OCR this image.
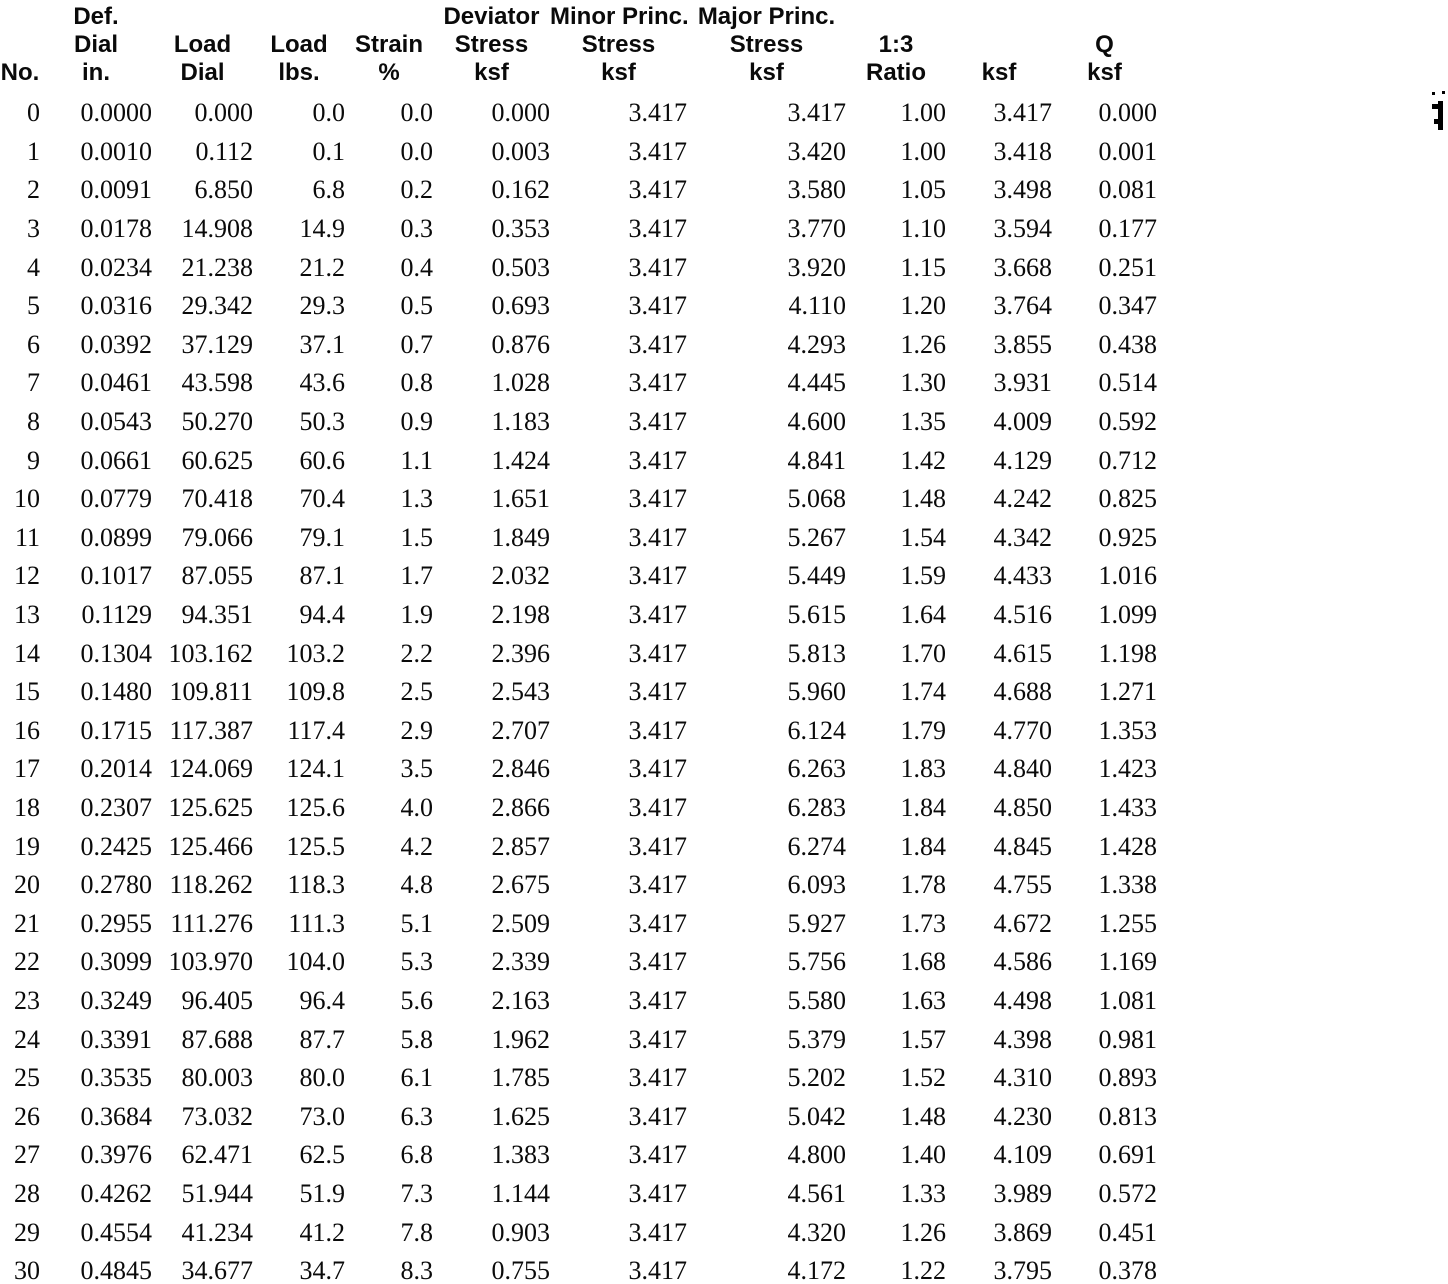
	Def.				Deviator	Minor Princ.	Major Princ.			
	Dial	Load	Load	Strain	Stress	Stress	Stress	1:3		Q
No.	in.	Dial	lbs.	%	ksf	ksf	ksf	Ratio	ksf	ksf
0	0.0000	0.000	0.0	0.0	0.000	3.417	3.417	1.00	3.417	0.000
1	0.0010	0.112	0.1	0.0	0.003	3.417	3.420	1.00	3.418	0.001
2	0.0091	6.850	6.8	0.2	0.162	3.417	3.580	1.05	3.498	0.081
3	0.0178	14.908	14.9	0.3	0.353	3.417	3.770	1.10	3.594	0.177
4	0.0234	21.238	21.2	0.4	0.503	3.417	3.920	1.15	3.668	0.251
5	0.0316	29.342	29.3	0.5	0.693	3.417	4.110	1.20	3.764	0.347
6	0.0392	37.129	37.1	0.7	0.876	3.417	4.293	1.26	3.855	0.438
7	0.0461	43.598	43.6	0.8	1.028	3.417	4.445	1.30	3.931	0.514
8	0.0543	50.270	50.3	0.9	1.183	3.417	4.600	1.35	4.009	0.592
9	0.0661	60.625	60.6	1.1	1.424	3.417	4.841	1.42	4.129	0.712
10	0.0779	70.418	70.4	1.3	1.651	3.417	5.068	1.48	4.242	0.825
11	0.0899	79.066	79.1	1.5	1.849	3.417	5.267	1.54	4.342	0.925
12	0.1017	87.055	87.1	1.7	2.032	3.417	5.449	1.59	4.433	1.016
13	0.1129	94.351	94.4	1.9	2.198	3.417	5.615	1.64	4.516	1.099
14	0.1304	103.162	103.2	2.2	2.396	3.417	5.813	1.70	4.615	1.198
15	0.1480	109.811	109.8	2.5	2.543	3.417	5.960	1.74	4.688	1.271
16	0.1715	117.387	117.4	2.9	2.707	3.417	6.124	1.79	4.770	1.353
17	0.2014	124.069	124.1	3.5	2.846	3.417	6.263	1.83	4.840	1.423
18	0.2307	125.625	125.6	4.0	2.866	3.417	6.283	1.84	4.850	1.433
19	0.2425	125.466	125.5	4.2	2.857	3.417	6.274	1.84	4.845	1.428
20	0.2780	118.262	118.3	4.8	2.675	3.417	6.093	1.78	4.755	1.338
21	0.2955	111.276	111.3	5.1	2.509	3.417	5.927	1.73	4.672	1.255
22	0.3099	103.970	104.0	5.3	2.339	3.417	5.756	1.68	4.586	1.169
23	0.3249	96.405	96.4	5.6	2.163	3.417	5.580	1.63	4.498	1.081
24	0.3391	87.688	87.7	5.8	1.962	3.417	5.379	1.57	4.398	0.981
25	0.3535	80.003	80.0	6.1	1.785	3.417	5.202	1.52	4.310	0.893
26	0.3684	73.032	73.0	6.3	1.625	3.417	5.042	1.48	4.230	0.813
27	0.3976	62.471	62.5	6.8	1.383	3.417	4.800	1.40	4.109	0.691
28	0.4262	51.944	51.9	7.3	1.144	3.417	4.561	1.33	3.989	0.572
29	0.4554	41.234	41.2	7.8	0.903	3.417	4.320	1.26	3.869	0.451
30	0.4845	34.677	34.7	8.3	0.755	3.417	4.172	1.22	3.795	0.378
